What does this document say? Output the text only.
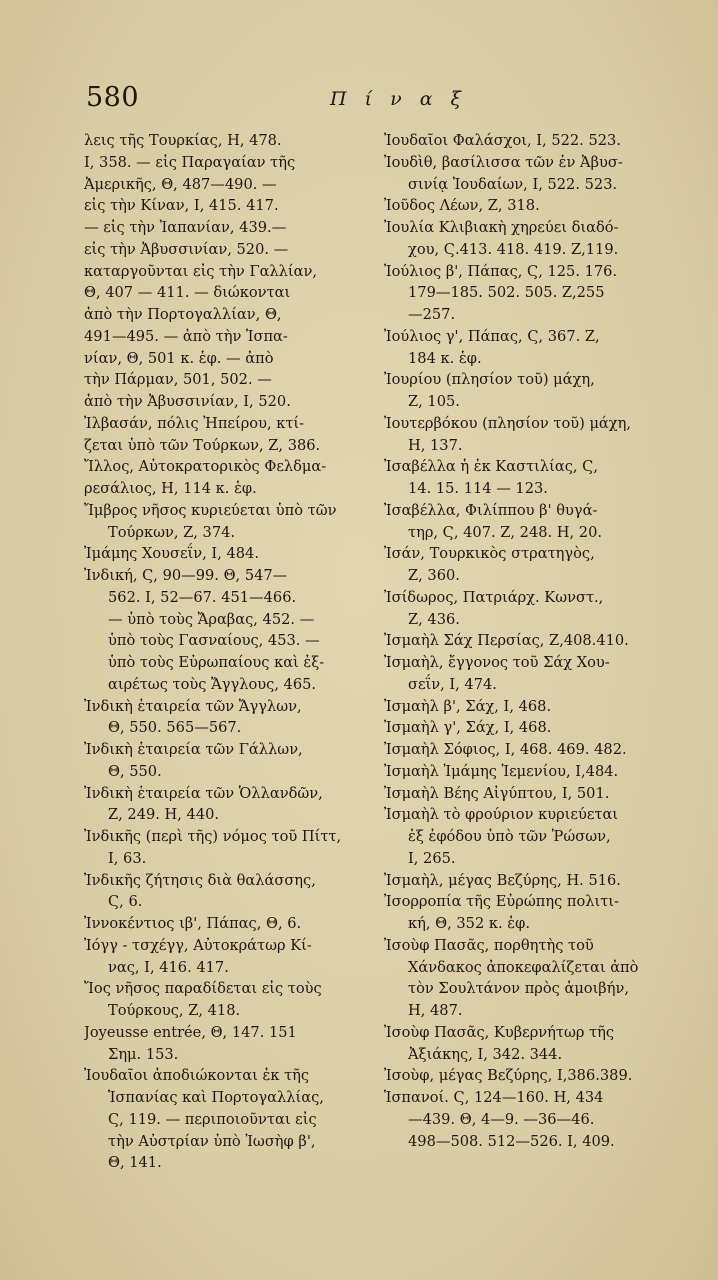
580	Π ί ν α ξ
λεις τῆς Τουρκίας, Η, 478.
Ι, 358. — εἰς Παραγαίαν τῆς
Ἀμερικῆς, Θ, 487—490. —
εἰς τὴν Κίναν, Ι, 415. 417.
— εἰς τὴν Ἰαπανίαν, 439.—
εἰς τὴν Ἀβυσσινίαν, 520. —
καταργοῦνται εἰς τὴν Γαλλίαν,
Θ, 407 — 411. — διώκονται
ἀπὸ τὴν Πορτογαλλίαν, Θ,
491—495. — ἀπὸ τὴν Ἱσπα-
νίαν, Θ, 501 κ. ἑφ. — ἀπὸ
τὴν Πάρμαν, 501, 502. —
ἀπὸ τὴν Ἀβυσσινίαν, Ι, 520.
Ἰλβασάν, πόλις Ἠπείρου, κτί-
ζεται ὑπὸ τῶν Τούρκων, Ζ, 386.
Ἴλλος, Αὐτοκρατορικὸς Φελδμα-
ρεσάλιος, Η, 114 κ. ἑφ.
Ἴμβρος νῆσος κυριεύεται ὑπὸ τῶν
Τούρκων, Ζ, 374.
Ἰμάμης Χουσεΐν, Ι, 484.
Ἰνδική, Ϛ, 90—99. Θ, 547—
562. Ι, 52—67. 451—466.
— ὑπὸ τοὺς Ἄραβας, 452. —
ὑπὸ τοὺς Γασναίους, 453. —
ὑπὸ τοὺς Εὐρωπαίους καὶ ἐξ-
αιρέτως τοὺς Ἄγγλους, 465.
Ἰνδικὴ ἑταιρεία τῶν Ἄγγλων,
Θ, 550. 565—567.
Ἰνδικὴ ἑταιρεία τῶν Γάλλων,
Θ, 550.
Ἰνδικὴ ἑταιρεία τῶν Ὁλλανδῶν,
Ζ, 249. Η, 440.
Ἰνδικῆς (περὶ τῆς) νόμος τοῦ Πίττ,
Ι, 63.
Ἰνδικῆς ζήτησις διὰ θαλάσσης,
Ϛ, 6.
Ἰννοκέντιος ιβ', Πάπας, Θ, 6.
Ἰόγγ - τσχέγγ, Αὐτοκράτωρ Κί-
νας, Ι, 416. 417.
Ἴος νῆσος παραδίδεται εἰς τοὺς
Τούρκους, Ζ, 418.
Joyeusse entrée, Θ, 147. 151
Σημ. 153.
Ἰουδαῖοι ἀποδιώκονται ἐκ τῆς
Ἱσπανίας καὶ Πορτογαλλίας,
Ϛ, 119. — περιποιοῦνται εἰς
τὴν Αὐστρίαν ὑπὸ Ἰωσὴφ β',
Θ, 141.
Ἰουδαῖοι Φαλάσχοι, Ι, 522. 523.
Ἰουδὶθ, βασίλισσα τῶν ἐν Ἀβυσ-
σινίᾳ Ἰουδαίων, Ι, 522. 523.
Ἰοῦδος Λέων, Ζ, 318.
Ἰουλία Κλιβιακὴ χηρεύει διαδό-
χου, Ϛ.413. 418. 419. Ζ,119.
Ἰούλιος β', Πάπας, Ϛ, 125. 176.
179—185. 502. 505. Ζ,255
—257.
Ἰούλιος γ', Πάπας, Ϛ, 367. Ζ,
184 κ. ἑφ.
Ἰουρίου (πλησίον τοῦ) μάχη,
Ζ, 105.
Ἰουτερβόκου (πλησίον τοῦ) μάχη,
Η, 137.
Ἰσαβέλλα ἡ ἐκ Καστιλίας, Ϛ,
14. 15. 114 — 123.
Ἰσαβέλλα, Φιλίππου β' θυγά-
τηρ, Ϛ, 407. Ζ, 248. Η, 20.
Ἰσάν, Τουρκικὸς στρατηγὸς,
Ζ, 360.
Ἰσίδωρος, Πατριάρχ. Κωνστ.,
Ζ, 436.
Ἰσμαὴλ Σάχ Περσίας, Ζ,408.410.
Ἰσμαὴλ, ἔγγονος τοῦ Σάχ Χου-
σεΐν, Ι, 474.
Ἰσμαὴλ β', Σάχ, Ι, 468.
Ἰσμαὴλ γ', Σάχ, Ι, 468.
Ἰσμαὴλ Σόφιος, Ι, 468. 469. 482.
Ἰσμαὴλ Ἰμάμης Ἰεμενίου, Ι,484.
Ἰσμαὴλ Βέης Αἰγύπτου, Ι, 501.
Ἰσμαὴλ τὸ φρούριον κυριεύεται
ἐξ ἐφόδου ὑπὸ τῶν Ῥώσων,
Ι, 265.
Ἰσμαὴλ, μέγας Βεζύρης, Η. 516.
Ἰσορροπία τῆς Εὐρώπης πολιτι-
κή, Θ, 352 κ. ἑφ.
Ἰσοὺφ Πασᾶς, πορθητὴς τοῦ
Χάνδακος ἀποκεφαλίζεται ἀπὸ
τὸν Σουλτάνον πρὸς ἀμοιβήν,
Η, 487.
Ἰσοὺφ Πασᾶς, Κυβερνήτωρ τῆς
Ἀξιάκης, Ι, 342. 344.
Ἰσοὺφ, μέγας Βεζύρης, Ι,386.389.
Ἱσπανοί. Ϛ, 124—160. Η, 434
—439. Θ, 4—9. —36—46.
498—508. 512—526. Ι, 409.
